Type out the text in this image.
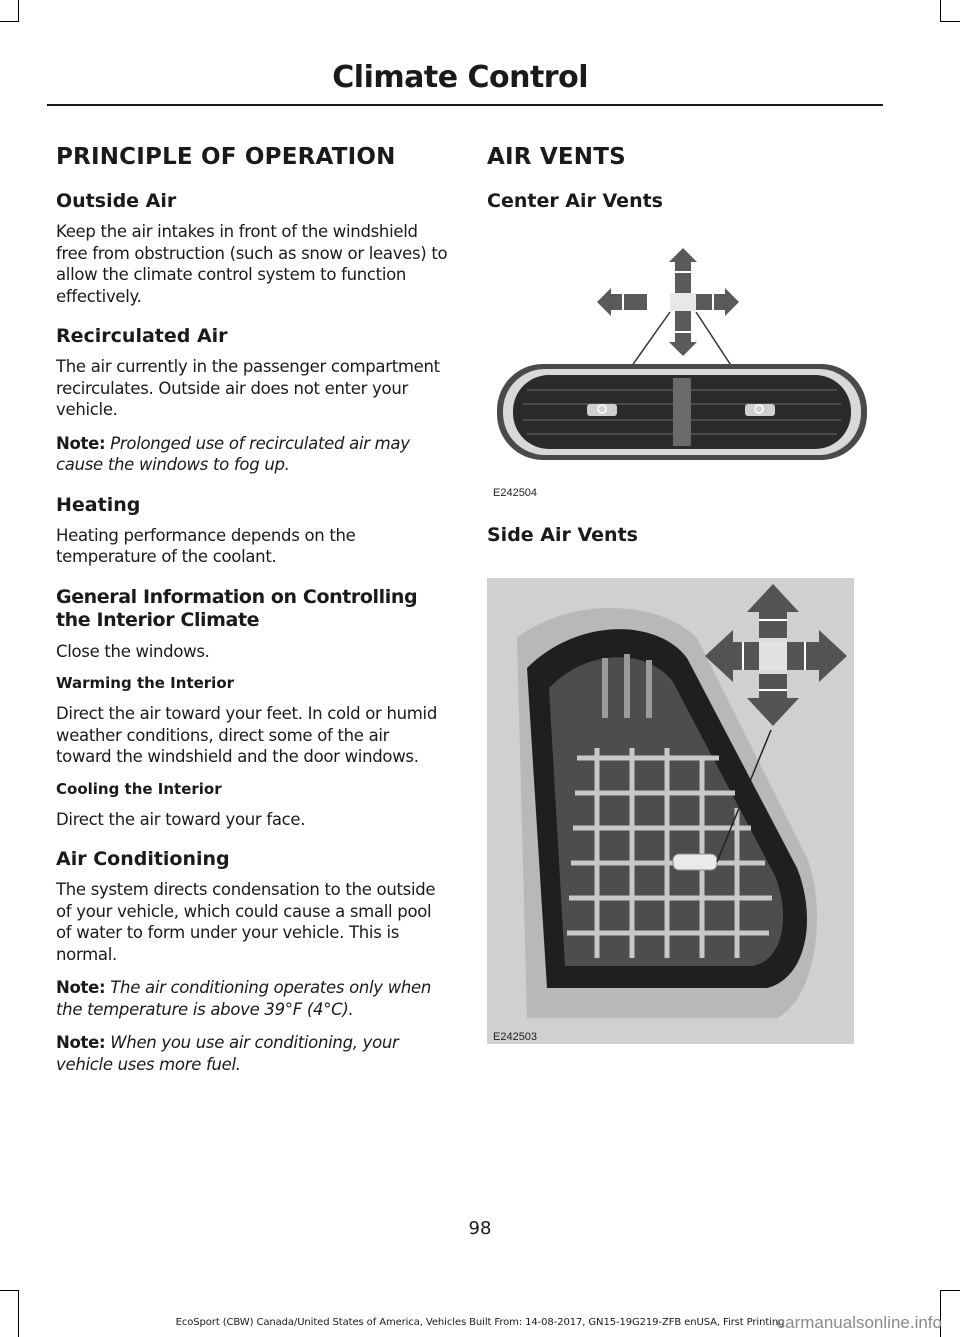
Climate Control
PRINCIPLE OF OPERATION
Outside Air

Keep the air intakes in front of the windshield free from obstruction (such as snow or leaves) to allow the climate control system to function effectively.

Recirculated Air

The air currently in the passenger compartment recirculates. Outside air does not enter your vehicle.

Note: Prolonged use of recirculated air may cause the windows to fog up.

Heating

Heating performance depends on the temperature of the coolant.

General Information on Controlling the Interior Climate

Close the windows.

Warming the Interior

Direct the air toward your feet. In cold or humid weather conditions, direct some of the air toward the windshield and the door windows.

Cooling the Interior

Direct the air toward your face.

Air Conditioning

The system directs condensation to the outside of your vehicle, which could cause a small pool of water to form under your vehicle. This is normal.

Note: The air conditioning operates only when the temperature is above 39°F (4°C).

Note: When you use air conditioning, your vehicle uses more fuel.

AIR VENTS
Center Air Vents
E242504
Side Air Vents
E242503
98
EcoSport (CBW) Canada/United States of America, Vehicles Built From: 14-08-2017, GN15-19G219-ZFB enUSA, First Printing
carmanualsonline.info
